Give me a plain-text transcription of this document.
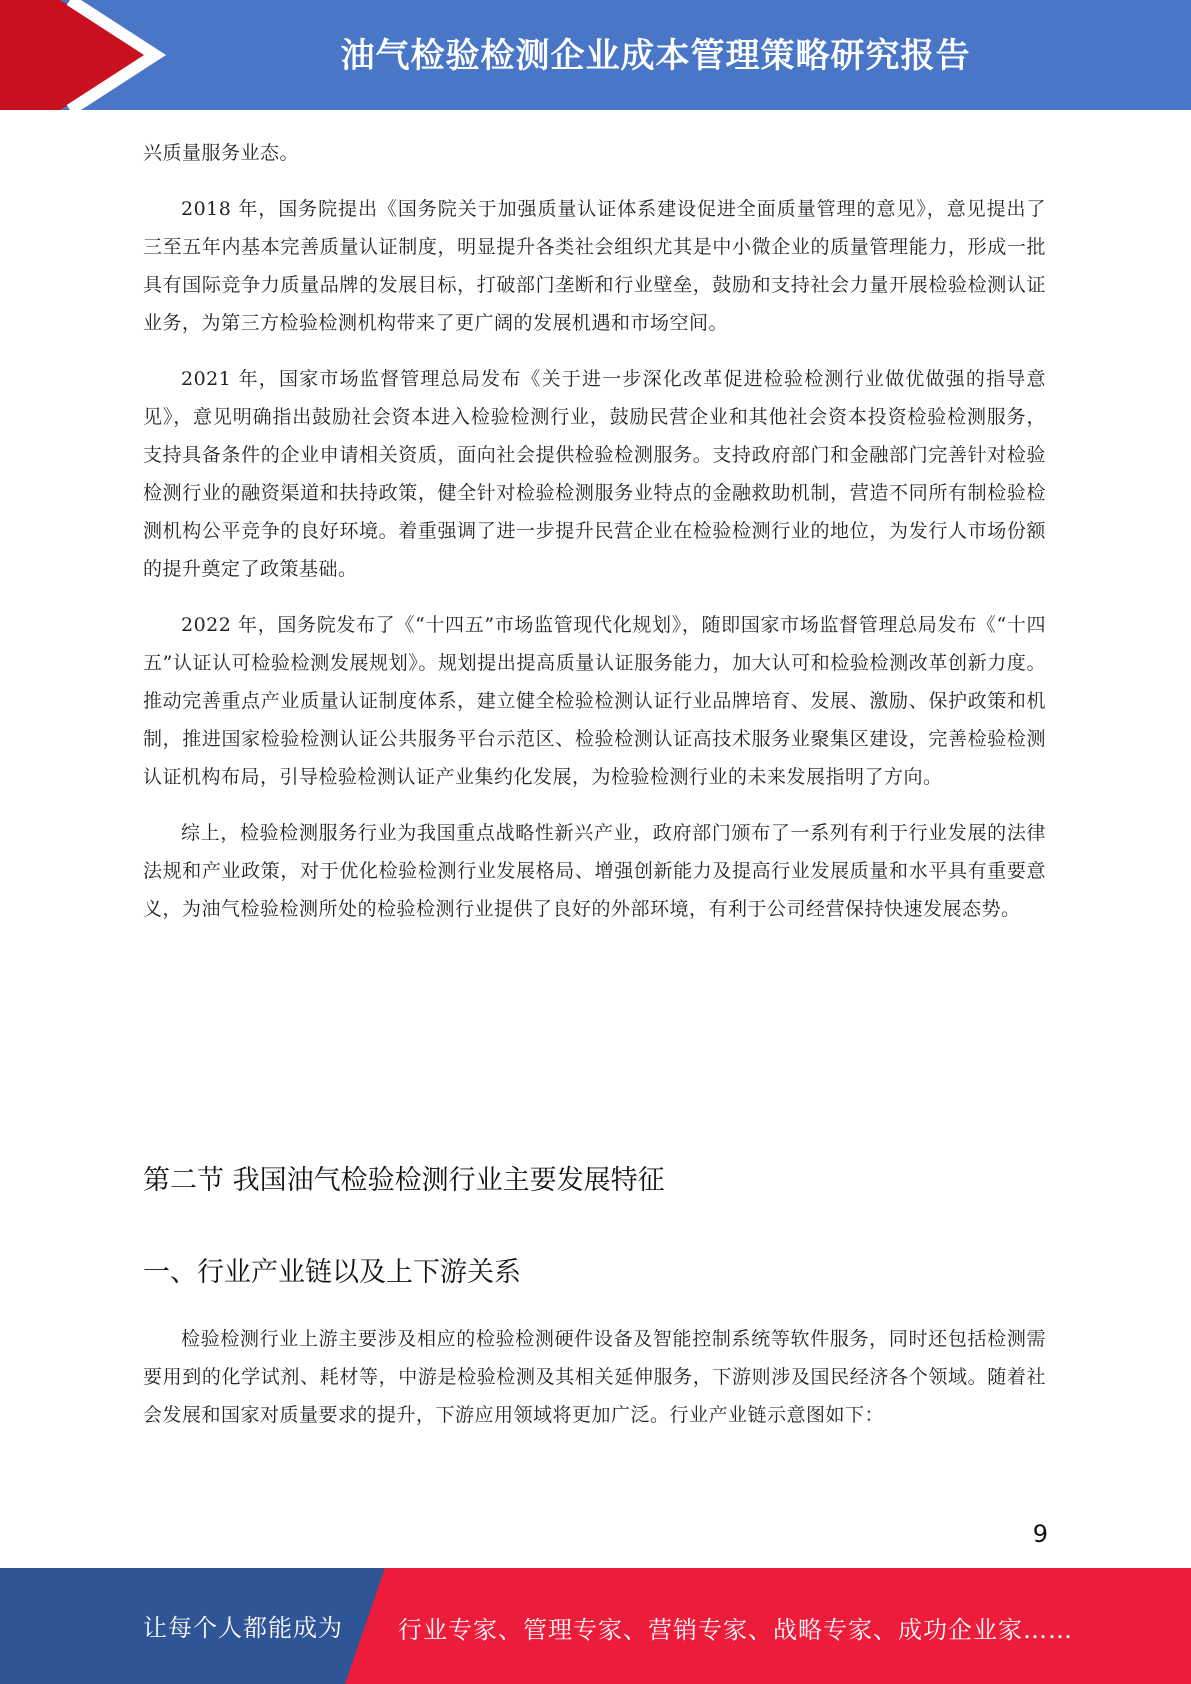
油气检验检测企业成本管理策略研究报告

兴质量服务业态。

2018 年，国务院提出《国务院关于加强质量认证体系建设促进全面质量管理的意见》，意见提出了三至五年内基本完善质量认证制度，明显提升各类社会组织尤其是中小微企业的质量管理能力，形成一批具有国际竞争力质量品牌的发展目标，打破部门垄断和行业壁垒，鼓励和支持社会力量开展检验检测认证业务，为第三方检验检测机构带来了更广阔的发展机遇和市场空间。

2021 年，国家市场监督管理总局发布《关于进一步深化改革促进检验检测行业做优做强的指导意见》，意见明确指出鼓励社会资本进入检验检测行业，鼓励民营企业和其他社会资本投资检验检测服务，支持具备条件的企业申请相关资质，面向社会提供检验检测服务。支持政府部门和金融部门完善针对检验检测行业的融资渠道和扶持政策，健全针对检验检测服务业特点的金融救助机制，营造不同所有制检验检测机构公平竞争的良好环境。着重强调了进一步提升民营企业在检验检测行业的地位，为发行人市场份额的提升奠定了政策基础。

2022 年，国务院发布了《“十四五”市场监管现代化规划》，随即国家市场监督管理总局发布《“十四五”认证认可检验检测发展规划》。规划提出提高质量认证服务能力，加大认可和检验检测改革创新力度。推动完善重点产业质量认证制度体系，建立健全检验检测认证行业品牌培育、发展、激励、保护政策和机制，推进国家检验检测认证公共服务平台示范区、检验检测认证高技术服务业聚集区建设，完善检验检测认证机构布局，引导检验检测认证产业集约化发展，为检验检测行业的未来发展指明了方向。

综上，检验检测服务行业为我国重点战略性新兴产业，政府部门颁布了一系列有利于行业发展的法律法规和产业政策，对于优化检验检测行业发展格局、增强创新能力及提高行业发展质量和水平具有重要意义，为油气检验检测所处的检验检测行业提供了良好的外部环境，有利于公司经营保持快速发展态势。

第二节 我国油气检验检测行业主要发展特征
一、行业产业链以及上下游关系

检验检测行业上游主要涉及相应的检验检测硬件设备及智能控制系统等软件服务，同时还包括检测需要用到的化学试剂、耗材等，中游是检验检测及其相关延伸服务，下游则涉及国民经济各个领域。随着社会发展和国家对质量要求的提升，下游应用领域将更加广泛。行业产业链示意图如下：

9
让每个人都能成为 行业专家、管理专家、营销专家、战略专家、成功企业家……
